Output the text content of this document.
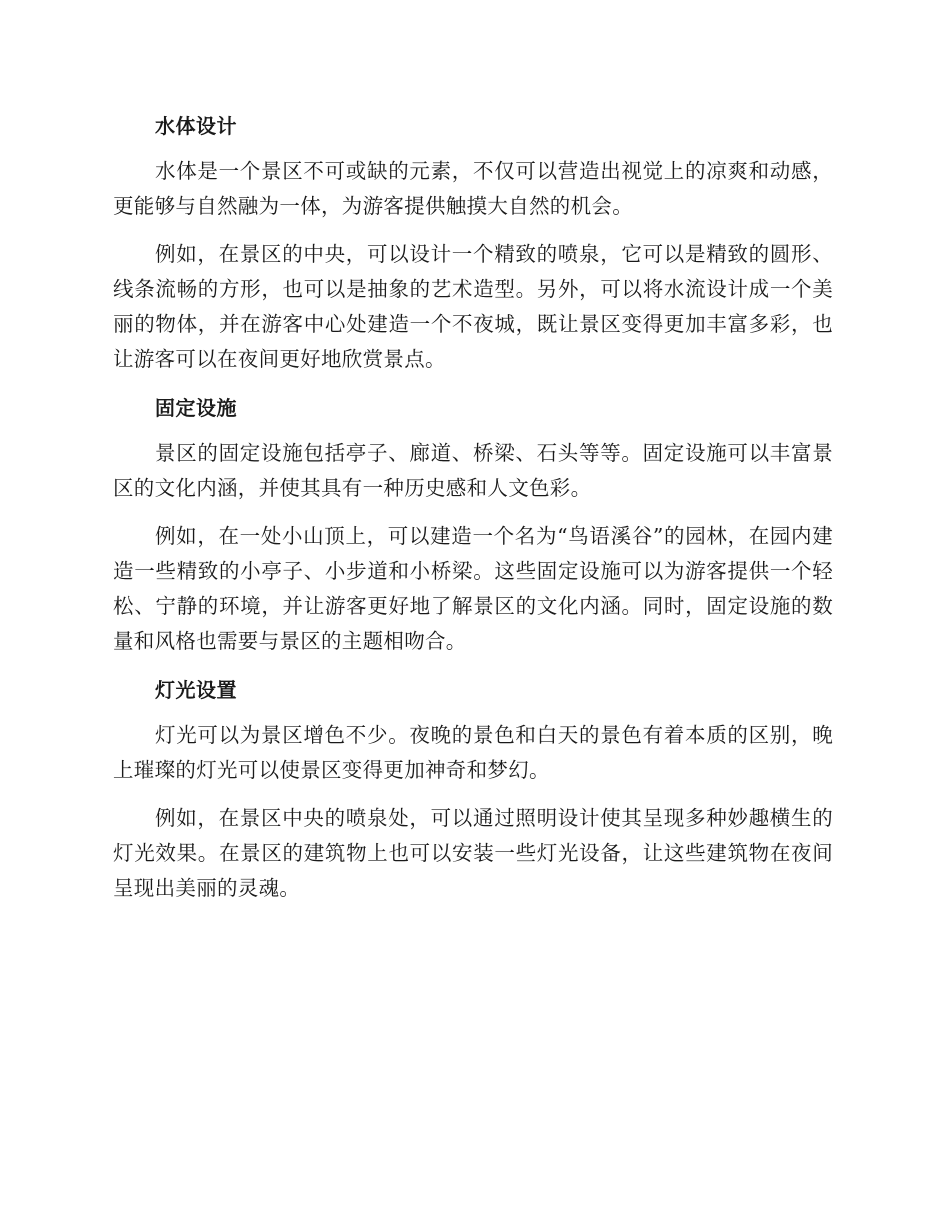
水体设计

水体是一个景区不可或缺的元素，不仅可以营造出视觉上的凉爽和动感，更能够与自然融为一体，为游客提供触摸大自然的机会。

例如，在景区的中央，可以设计一个精致的喷泉，它可以是精致的圆形、线条流畅的方形，也可以是抽象的艺术造型。另外，可以将水流设计成一个美丽的物体，并在游客中心处建造一个不夜城，既让景区变得更加丰富多彩，也让游客可以在夜间更好地欣赏景点。

固定设施

景区的固定设施包括亭子、廊道、桥梁、石头等等。固定设施可以丰富景区的文化内涵，并使其具有一种历史感和人文色彩。

例如，在一处小山顶上，可以建造一个名为“鸟语溪谷”的园林，在园内建造一些精致的小亭子、小步道和小桥梁。这些固定设施可以为游客提供一个轻松、宁静的环境，并让游客更好地了解景区的文化内涵。同时，固定设施的数量和风格也需要与景区的主题相吻合。

灯光设置

灯光可以为景区增色不少。夜晚的景色和白天的景色有着本质的区别，晚上璀璨的灯光可以使景区变得更加神奇和梦幻。

例如，在景区中央的喷泉处，可以通过照明设计使其呈现多种妙趣横生的灯光效果。在景区的建筑物上也可以安装一些灯光设备，让这些建筑物在夜间呈现出美丽的灵魂。
